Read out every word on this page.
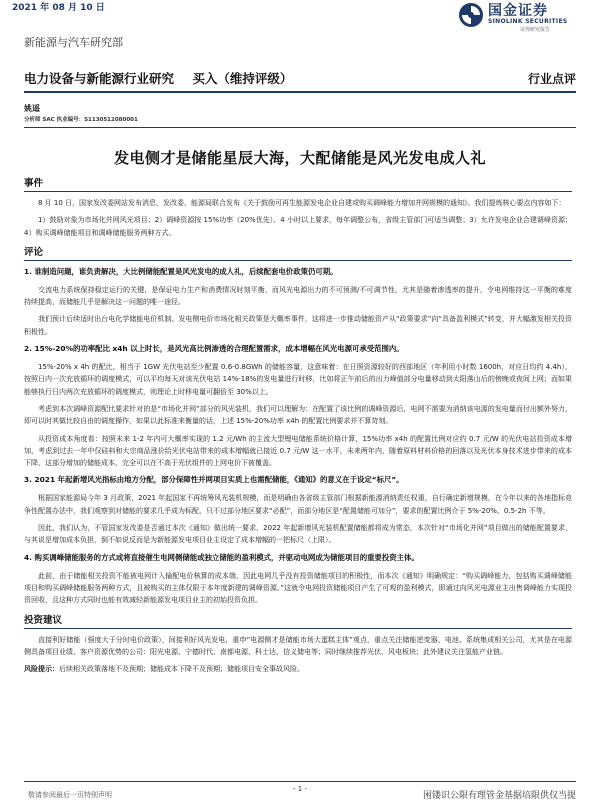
2021 年 08 月 10 日	国金证券
SINOLINK SECURITIES
证券研究报告
新能源与汽车研究部
电力设备与新能源行业研究 买入（维持评级）	行业点评
姚遥
分析师 SAC 执业编号：S1130512080001
发电侧才是储能星辰大海，大配储能是风光发电成人礼
事件

8 月 10 日，国家发改委网站发布消息，发改委、能源局联合发布《关于鼓励可再生能源发电企业自建或购买调峰能力增加并网规模的通知》。我们提炼核心要点内容如下：

1）鼓励对象为市场化并网风光项目；2）调峰资源按 15%功率（20%优先）、4 小时以上要求，每年调整公布，省级主管部门可适当调整；3）允许发电企业合建调峰资源；4）购买调峰储能项目和调峰储能服务两种方式。

评论
1. 谁制造问题，谁负责解决，大比例储能配置是风光发电的成人礼，后续配套电价政策仍可期。

交流电力系统保持稳定运行的关键，是保证电力生产和消费情况时刻平衡，而风光电源出力的不可预测/不可调节性，尤其是随着渗透率的提升，令电网维持这一平衡的难度持续提高，而储能几乎是解决这一问题的唯一途径。

我们预计后续适时出台电化学储能电价机制、发电侧电价市场化相关政策是大概率事件，这将进一步推动储能资产从“政策要求”向“具备盈利模式”转变，并大幅激发相关投资积极性。

2. 15%-20%的功率配比 x4h 以上时长，是风光高比例渗透的合理配置需求，成本增幅在风光电源可承受范围内。

15%-20% x 4h 的配比，相当于 1GW 光伏电站至少配置 0.6-0.8GWh 的储能容量，这意味着：在日照资源较好的西部地区（年利用小时数 1600h，对应日均约 4.4h），按照日内一次充放循环的调度模式，可以平均每天对该光伏电站 14%-18%的发电量进行时移，比如将正午前后的出力峰值部分电量移动到太阳落山后的傍晚或夜间上网；而如果能够执行日内两次充放循环的调度模式，则理论上时移电量可翻倍至 30%以上。

考虑到本次调峰资源配比要求针对的是“市场化并网”部分的风光装机，我们可以理解为：在配置了该比例的调峰资源后，电网不需要为消纳该电源的发电量而付出额外努力，即可以时其做比较自由的调度操作，如果以此标准来衡量的话，上述 15%-20%功率 x4h 的配置比例要求并不算苛刻。

从投资成本角度看：按照未来 1-2 年内可大概率实现的 1.2 元/Wh 的主流大型锂电储能系统价格计算，15%功率 x4h 的配置比例对应约 0.7 元/W 的光伏电站投资成本增加，考虑到过去一年中仅硅料和大宗商品涨价给光伏电站带来的成本增幅就已接近 0.7 元/W 这一水平，未来两年内，随着原料材料价格的回落以及光伏本身技术进步带来的成本下降，这部分增加的储能成本，完全可以在不高于光伏组件的上网电价下被覆盖。

3. 2021 年起新增风光指标由地方分配，部分保障性并网项目实质上也需配储能，《通知》的意义在于设定“标尺”。

根据国家能源局今年 3 月政策，2021 年起国家不再统筹风光装机规模，而是明确由各省级主管部门根据新能源消纳责任权重，自行确定新增规模，在今年以来的各地指标竞争性配置办法中，我们观察到对储能的要求几乎成为标配，只不过部分地区要求“必配”，而部分地区是“配置储能可加分”，要求的配置比例介于 5%-20%、0.5-2h 不等。

因此，我们认为，不管国家发改委是否通过本次《通知》做出统一要求，2022 年起新增风光装机配置储能都将成为常态，本次针对“市场化并网”项目做出的储能配置要求，与其说是增加成本负担，倒不如说反而是为新能源发电项目业主设定了成本增幅的一把标尺（上限）。

4. 购买调峰储能服务的方式或将直接催生电网侧储能或独立储能的盈利模式，并驱动电网成为储能项目的重要投资主体。

此前，由于储能相关投资不能被电网计入输配电价核算的成本端，因此电网几乎没有投资储能项目的积极性，而本次《通知》明确规定：“购买调峰能力，包括购买调峰储能项目和购买调峰储能服务两种方式，且被购买的主体仅限于本年度新建的调峰资源。”这就令电网投资储能项目产生了可观的盈利模式，即通过向风光电源业主出售调峰能力实现投资回收，且这种方式同时也能有效减轻新能源发电项目业主的初始投资负担。

投资建议

直接利好储能（强度大于分时电价政策），间接利好风光发电，重申“电源侧才是储能市场大蛋糕主体”观点，重点关注储能逆变器、电池、系统集成相关公司，尤其是在电源侧具备项目业绩、客户资源优势的公司：阳光电源、宁德时代、南都电源、科士达、信义储电等；同时继续推荐光伏、风电板块；此外建议关注氢能产业链。

风险提示：后续相关政策落地不及预期；储能成本下降不及预期；储能项目安全事故风险。
敬请参阅最后一页特别声明
- 1 -
困镂识公限有理管金基据培限供仅当提
